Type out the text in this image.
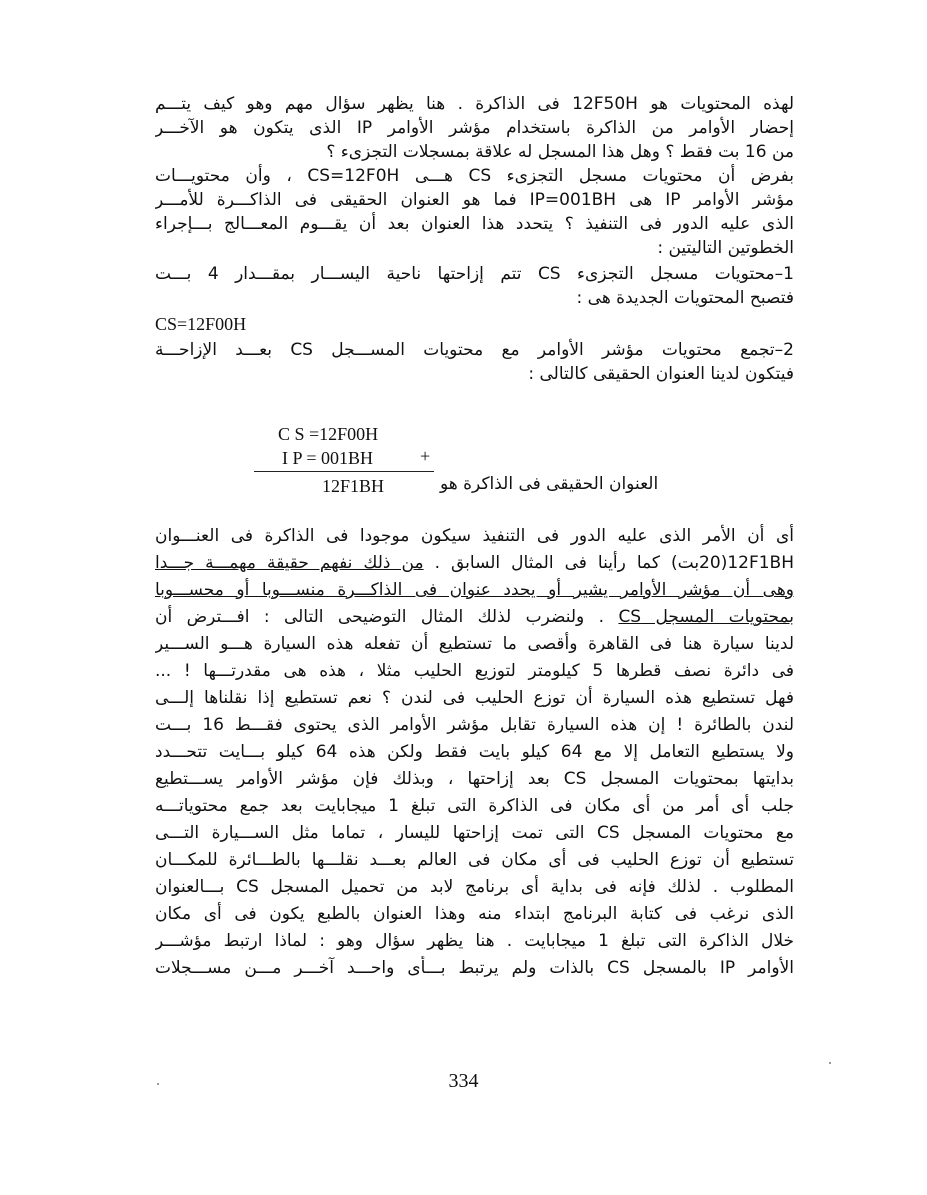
لهذه المحتويات هو 12F50H فى الذاكرة . هنا يظهر سؤال مهم وهو كيف يتـــم
إحضار الأوامر من الذاكرة باستخدام مؤشر الأوامر IP الذى يتكون هو الآخـــر
من 16 بت فقط ؟ وهل هذا المسجل له علاقة بمسجلات التجزىء ؟
بفرض أن محتويات مسجل التجزىء CS هـــى CS=12F0H ، وأن محتويـــات
مؤشر الأوامر IP هى IP=001BH فما هو العنوان الحقيقى فى الذاكـــرة للأمـــر
الذى عليه الدور فى التنفيذ ؟ يتحدد هذا العنوان بعد أن يقـــوم المعـــالج بـــإجراء
الخطوتين التاليتين :
1–محتويات مسجل التجزىء CS تتم إزاحتها ناحية اليســـار بمقـــدار 4 بـــت
فتصبح المحتويات الجديدة هى :
CS=12F00H
2–تجمع محتويات مؤشر الأوامر مع محتويات المســـجل CS بعـــد الإزاحـــة
فيتكون لدينا العنوان الحقيقى كالتالى :
C S =12F00H
I P = 001BH	+
12F1BH	العنوان الحقيقى فى الذاكرة هو
أى أن الأمر الذى عليه الدور فى التنفيذ سيكون موجودا فى الذاكرة فى العنـــوان
12F1BH(20بت) كما رأينا فى المثال السابق . من ذلك نفهم حقيقة مهمـــة جـــدا
وهى أن مؤشر الأوامر يشير أو يحدد عنوان فى الذاكـــرة منســـوبا أو محســـوبا
بمحتويات المسجل CS . ولنضرب لذلك المثال التوضيحى التالى : افـــترض أن
لدينا سيارة هنا فى القاهرة وأقصى ما تستطيع أن تفعله هذه السيارة هـــو الســـير
فى دائرة نصف قطرها 5 كيلومتر لتوزيع الحليب مثلا ، هذه هى مقدرتـــها ! ...
فهل تستطيع هذه السيارة أن توزع الحليب فى لندن ؟ نعم تستطيع إذا نقلناها إلـــى
لندن بالطائرة ! إن هذه السيارة تقابل مؤشر الأوامر الذى يحتوى فقـــط 16 بـــت
ولا يستطيع التعامل إلا مع 64 كيلو بايت فقط ولكن هذه 64 كيلو بـــايت تتحـــدد
بدايتها بمحتويات المسجل CS بعد إزاحتها ، وبذلك فإن مؤشر الأوامر يســـتطيع
جلب أى أمر من أى مكان فى الذاكرة التى تبلغ 1 ميجابايت بعد جمع محتوياتـــه
مع محتويات المسجل CS التى تمت إزاحتها لليسار ، تماما مثل الســـيارة التـــى
تستطيع أن توزع الحليب فى أى مكان فى العالم بعـــد نقلـــها بالطـــائرة للمكـــان
المطلوب . لذلك فإنه فى بداية أى برنامج لابد من تحميل المسجل CS بـــالعنوان
الذى نرغب فى كتابة البرنامج ابتداء منه وهذا العنوان بالطبع يكون فى أى مكان
خلال الذاكرة التى تبلغ 1 ميجابايت . هنا يظهر سؤال وهو : لماذا ارتبط مؤشـــر
الأوامر IP بالمسجل CS بالذات ولم يرتبط بـــأى واحـــد آخـــر مـــن مســـجلات
334
